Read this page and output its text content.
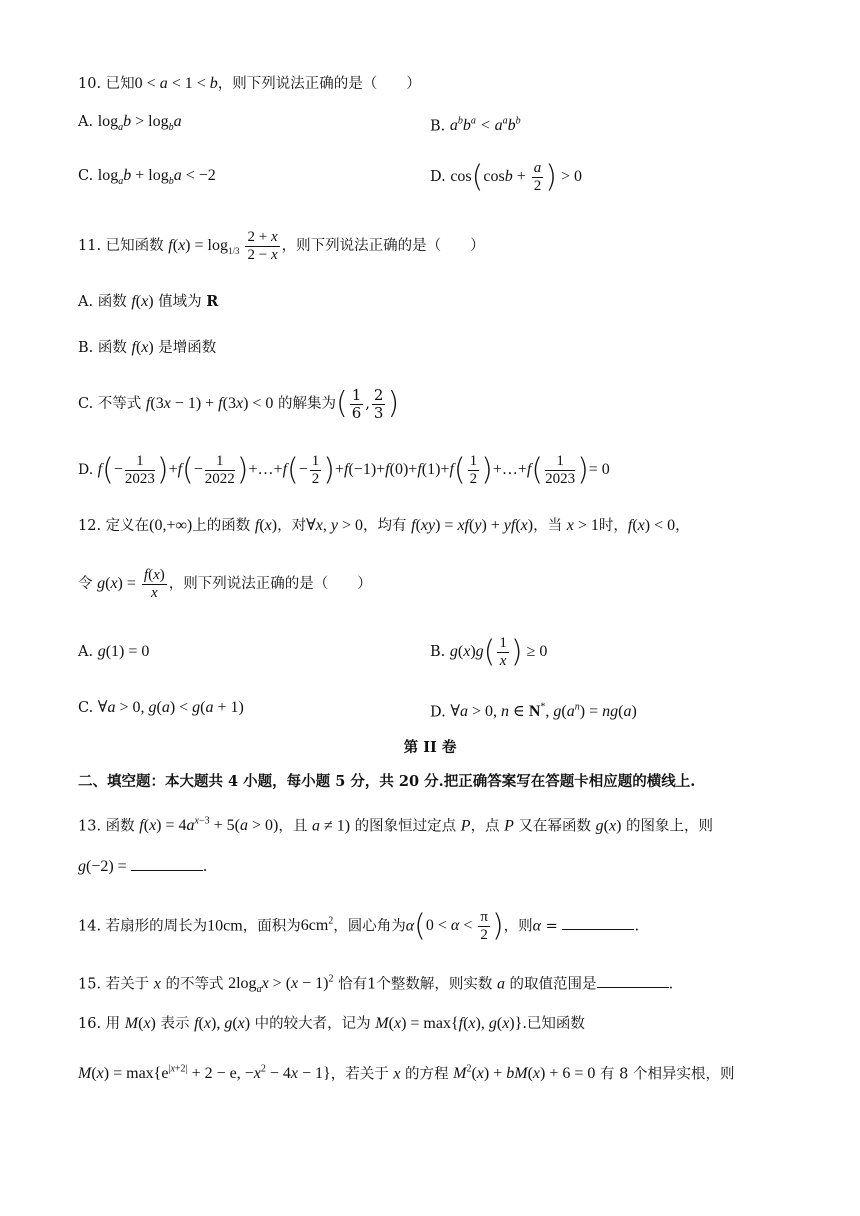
10. 已知0 < a < 1 < b，则下列说法正确的是（　　）
A. $\log_ab > \log_ba$	B. $a^bb^a < a^ab^b$
C. $\log_ab + \log_ba < -2$	D. $\cos(\cos b + \frac{a}{2}$ ) > 0
11. 已知函数 $f(x) = \log_{1/3} \frac{2 + x}{2 - x}$ ，则下列说法正确的是（　　）
A. 函数 f(x) 值域为 R
B. 函数 f(x) 是增函数
C. 不等式 f(3x − 1) + f(3x) < 0 的解集为( $\frac{1}{6}$ , $\frac{2}{3}$ )
D. $f(- \frac{1}{2023} )+f(- \frac{1}{2022}$ )+…+f(− $\frac{1}{2} )+f(-1)+f(0)+f(1)+f( \frac{1}{2}$ )+…+f( $\frac{1}{2023}$ )= 0
12. 定义在(0,+∞)上的函数 f(x)，对∀x, y > 0，均有 f(xy) = xf(y) + yf(x)，当 x > 1时，f(x) < 0，
令 $g(x) = \frac{f(x)}{x}$ ，则下列说法正确的是（　　）
A. g(1) = 0	B. $g(x)g( \frac{1}{x}$ ) ≥ 0
C. ∀a > 0, g(a) < g(a + 1)	D. ∀a > 0, n ∈ N*, $g(a^n) = ng(a)$
第 II 卷
二、填空题：本大题共 4 小题，每小题 5 分，共 20 分.把正确答案写在答题卡相应题的横线上.
13. 函数 $f(x) = 4a^{x-3} + 5(a > 0)$，且 a ≠ 1) 的图象恒过定点 P，点 P 又在幂函数 g(x) 的图象上，则
g(−2) =	.
14. 若扇形的周长为10cm，面积为$6cm^2$，圆心角为$\alpha(0 < \alpha < \frac{\pi}{2}$ )，则α =	.
15. 若关于 x 的不等式 $2\log_ax > (x - 1)^2$ 恰有1个整数解，则实数 a 的取值范围是	.
16. 用 M(x) 表示 f(x), g(x) 中的较大者，记为 M(x) = max{f(x), g(x)}.已知函数
$M(x) = \max\{e^{|x+2|} + 2 - e$, $-x^2 - 4x - 1$}，若关于 x 的方程 $M^2(x) + bM(x) + 6 = 0$ 有 8 个相异实根，则
